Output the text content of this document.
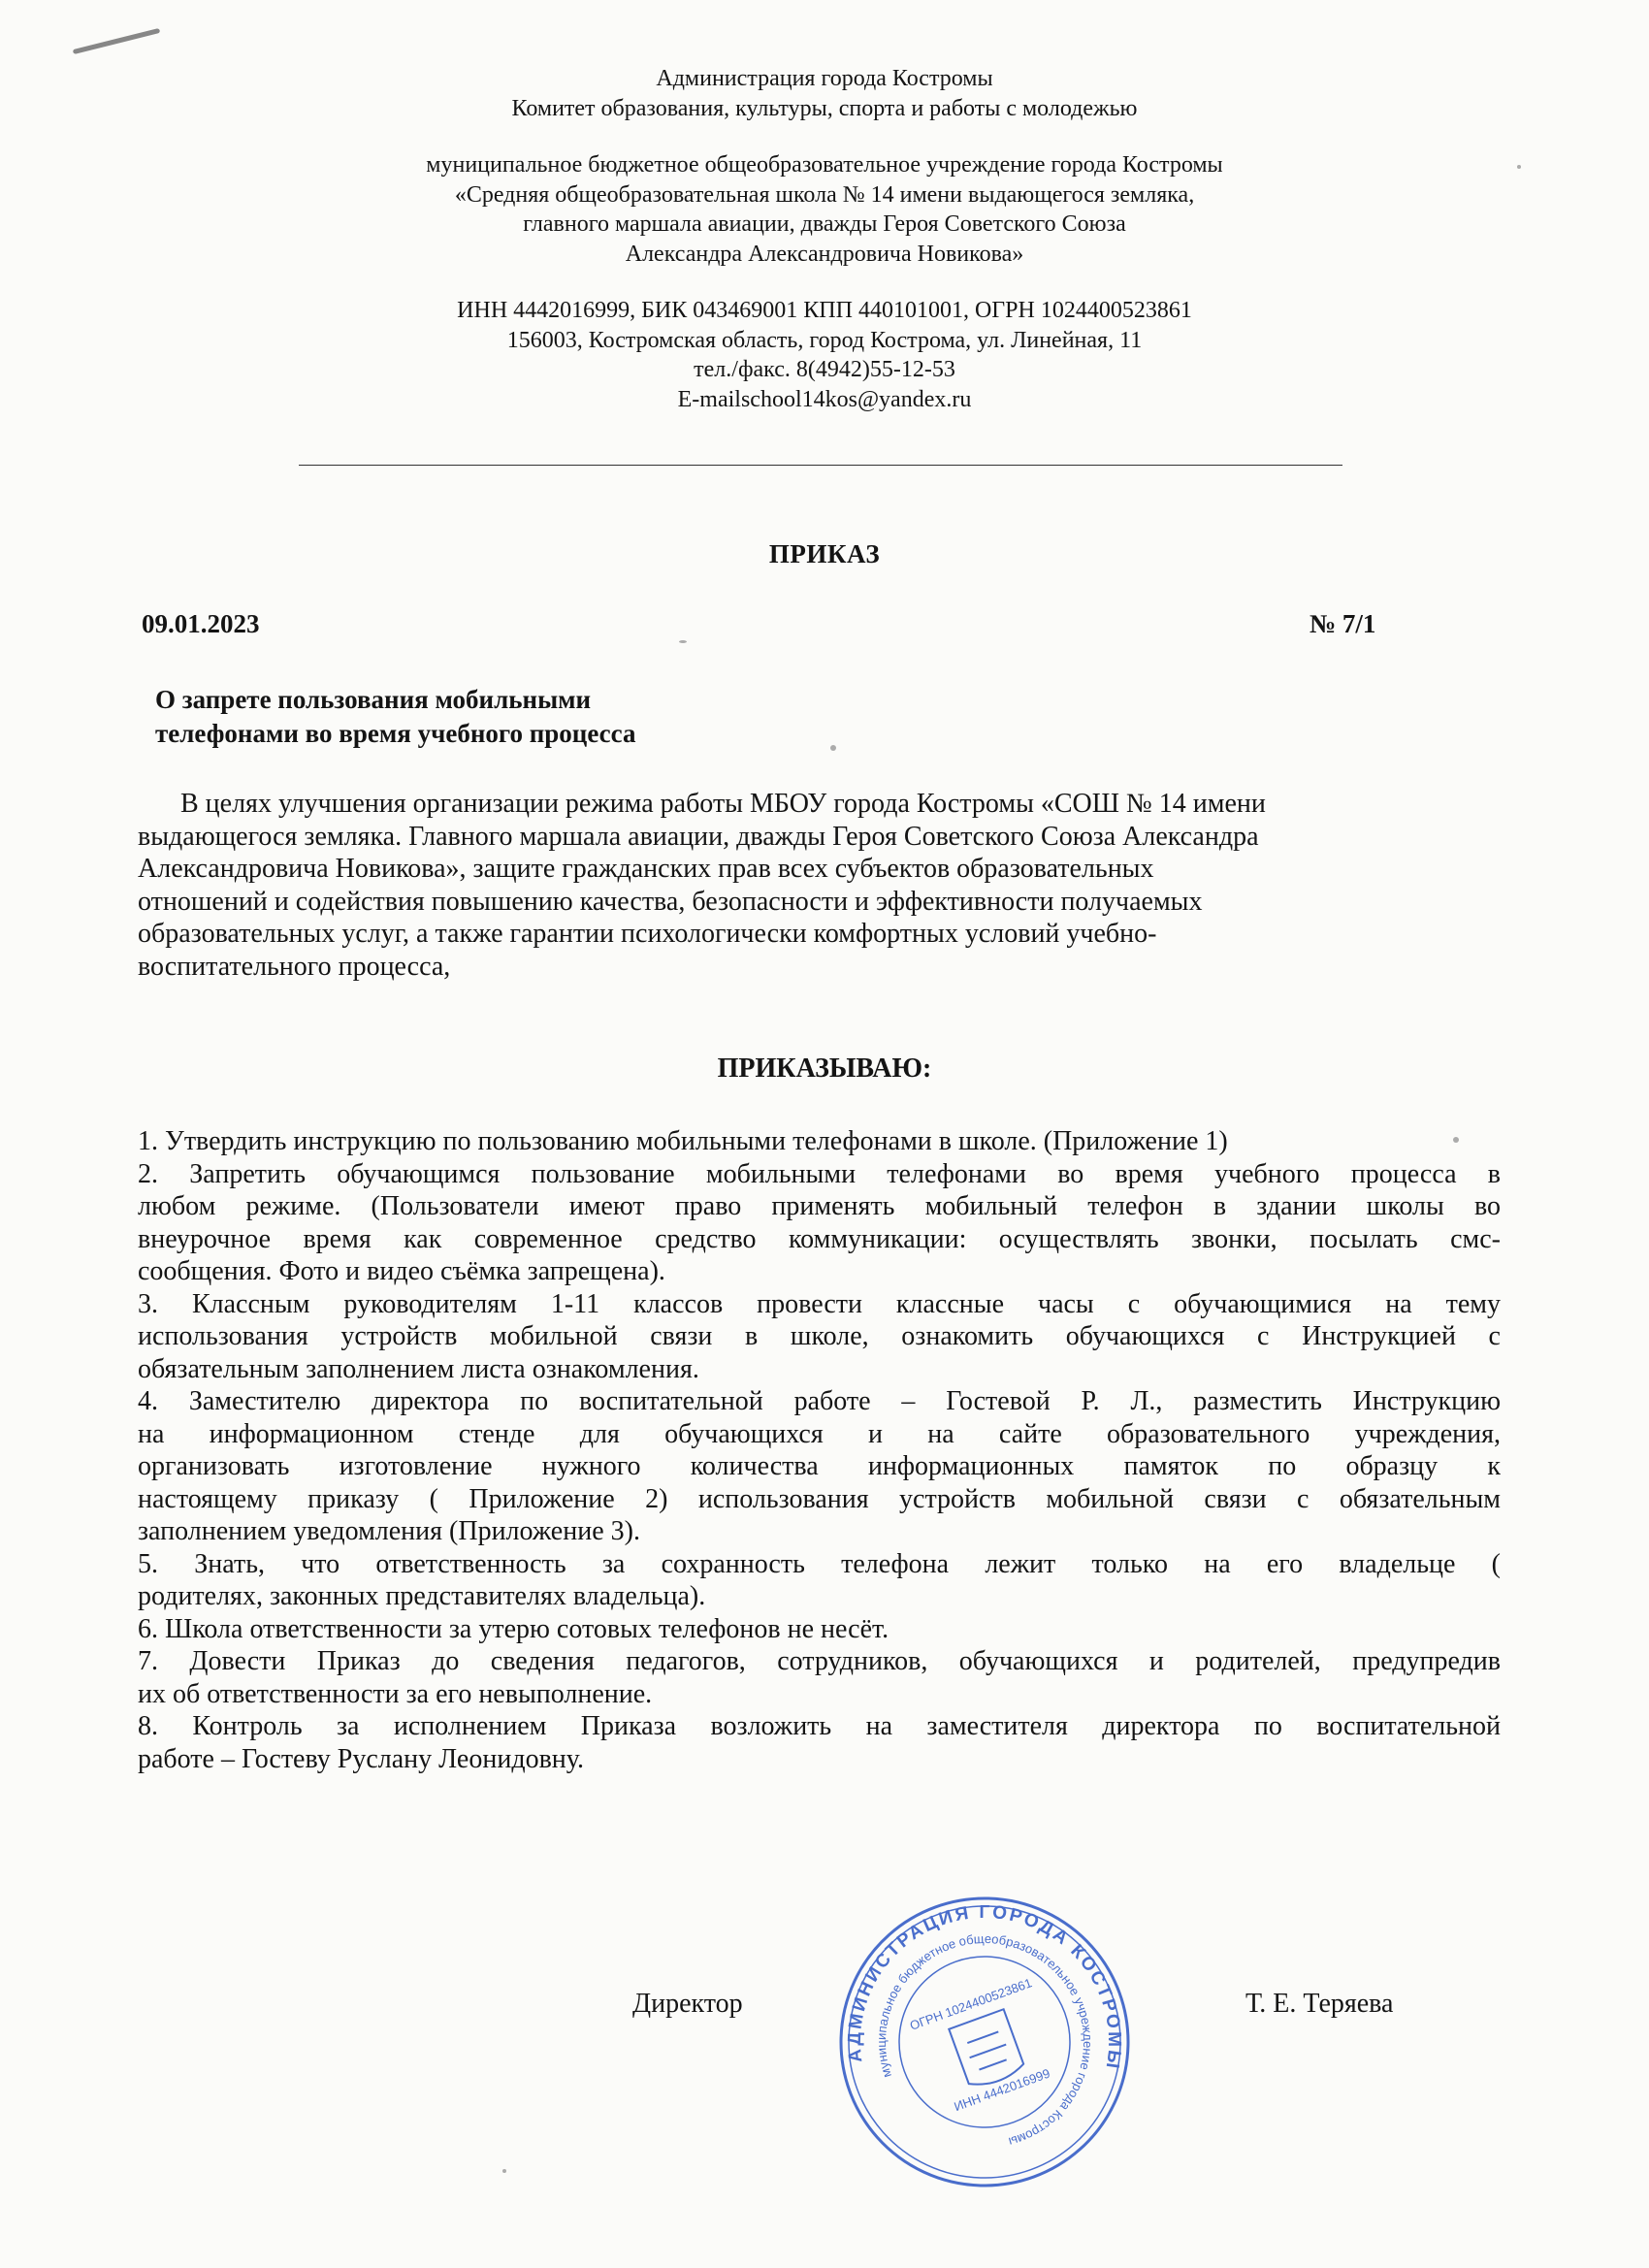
Администрация города Костромы
Комитет образования, культуры, спорта и работы с молодежью
муниципальное бюджетное общеобразовательное учреждение города Костромы
«Средняя общеобразовательная школа № 14 имени выдающегося земляка,
главного маршала авиации, дважды Героя Советского Союза
Александра Александровича Новикова»
ИНН 4442016999, БИК 043469001 КПП 440101001, ОГРН 1024400523861
156003, Костромская область, город Кострома, ул. Линейная, 11
тел./факс. 8(4942)55-12-53
E-mailschool14kos@yandex.ru
ПРИКАЗ
09.01.2023	№ 7/1
О запрете пользования мобильными
телефонами во время учебного процесса
В целях улучшения организации режима работы МБОУ города Костромы «СОШ № 14 имени
выдающегося земляка. Главного маршала авиации, дважды Героя Советского Союза Александра
Александровича Новикова», защите гражданских прав всех субъектов образовательных
отношений и содействия повышению качества, безопасности и эффективности получаемых
образовательных услуг, а также гарантии психологически комфортных условий учебно-
воспитательного процесса,
ПРИКАЗЫВАЮ:
1. Утвердить инструкцию по пользованию мобильными телефонами в школе. (Приложение 1)
2. Запретить обучающимся пользование мобильными телефонами во время учебного процесса в
любом режиме. (Пользователи имеют право применять мобильный телефон в здании школы во
внеурочное время как современное средство коммуникации: осуществлять звонки, посылать смс-
сообщения. Фото и видео съёмка запрещена).
3. Классным руководителям 1-11 классов провести классные часы с обучающимися на тему
использования устройств мобильной связи в школе, ознакомить обучающихся с Инструкцией с
обязательным заполнением листа ознакомления.
4. Заместителю директора по воспитательной работе – Гостевой Р. Л., разместить Инструкцию
на информационном стенде для обучающихся и на сайте образовательного учреждения,
организовать изготовление нужного количества информационных памяток по образцу к
настоящему приказу ( Приложение 2) использования устройств мобильной связи с обязательным
заполнением уведомления (Приложение 3).
5. Знать, что ответственность за сохранность телефона лежит только на его владельце (
родителях, законных представителях владельца).
6. Школа ответственности за утерю сотовых телефонов не несёт.
7. Довести Приказ до сведения педагогов, сотрудников, обучающихся и родителей, предупредив
их об ответственности за его невыполнение.
8. Контроль за исполнением Приказа возложить на заместителя директора по воспитательной
работе – Гостеву Руслану Леонидовну.
Директор	Т. Е. Теряева
АДМИНИСТРАЦИЯ ГОРОДА КОСТРОМЫ
муниципальное бюджетное общеобразовательное учреждение города Костромы
ОГРН 1024400523861
ИНН 4442016999
